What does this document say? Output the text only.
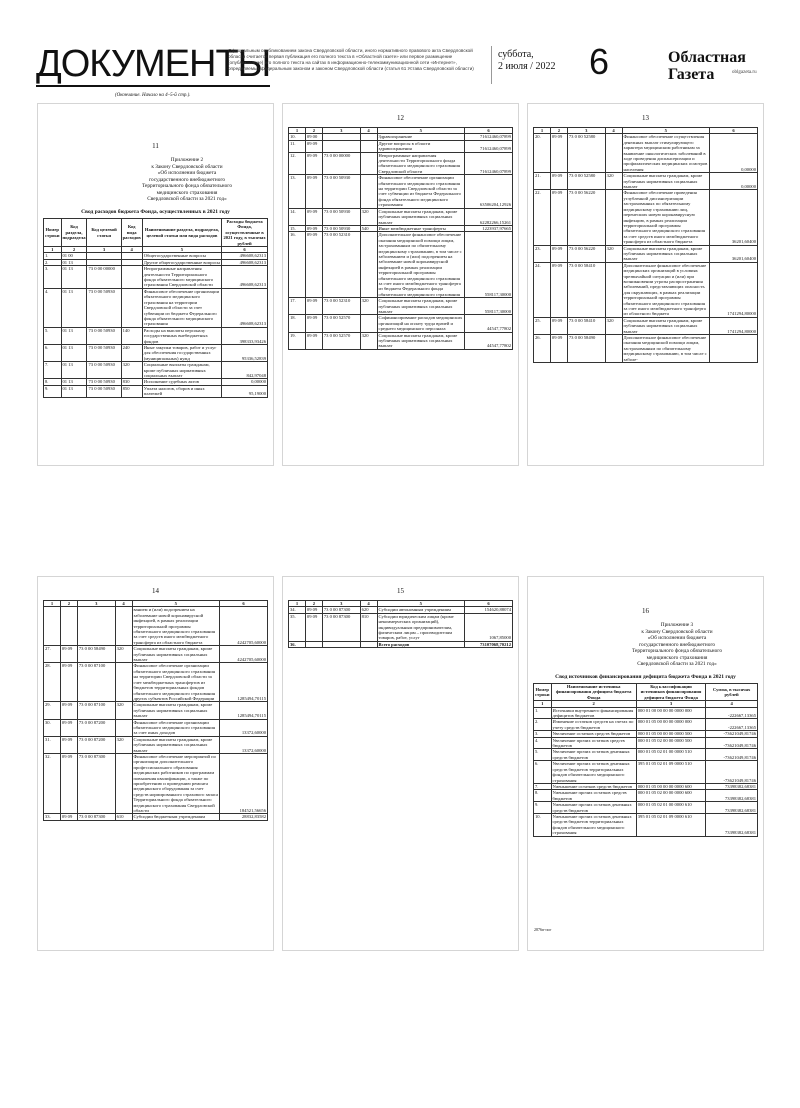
ДОКУМЕНТЫ
Официальным опубликованием закона Свердловской области, иного нормативного правового акта Свердловской области считается первая публикация его полного текста в «Областной газете» или первое размещение (опубликование) его полного текста на сайтах в информационно-телекоммуникационной сети «Интернет», определяемых федеральным законом и законом Свердловской области (статья 61 Устава Свердловской области)
суббота,
2 июля / 2022 6	Областная
Газета	oblgazeta.ru
(Окончание. Начало на 4–5-й стр.).
11
Приложение 2
к Закону Свердловской области
«Об исполнении бюджета
государственного внебюджетного
Территориального фонда обязательного
медицинского страхования
Свердловской области за 2021 год»
Свод расходов бюджета Фонда, осуществленных в 2021 году
Номер строки	Код раздела, подраздела	Код целевой статьи	Код вида расходов	Наименование раздела, подраздела, целевой статьи или вида расходов	Расходы бюджета Фонда, осуществленные в 2021 году, в тысячах рублей
1	2	3	4	5	6
1.	01 00			Общегосударственные вопросы	496608,62313
2.	01 13			Другие общегосударственные вопросы	496608,62313
3.	01 13	73 0 00 00000		Непрограммные направления деятельности Территориального фонда обязательного медицинского страхования Свердловской области	496608,62313
4.	01 13	73 0 00 50930		Финансовое обеспечение организации обязательного медицинского страхования на территории Свердловской области за счет субвенции из бюджета Федерального фонда обязательного медицинского страхования	496608,62313
5.	01 13	73 0 00 50930	140	Расходы на выплаты персоналу государственных внебюджетных фондов	398333,93426
6.	01 13	73 0 00 50930	240	Иные закупки товаров, работ и услуг для обеспечения государственных (муниципальных) нужд	95336,52839
7.	01 13	73 0 00 50930	320	Социальные выплаты гражданам, кроме публичных нормативных социальных выплат	842,97048
8.	01 13	73 0 00 50930	830	Исполнение судебных актов	0,00000
9.	01 13	73 0 00 50930	850	Уплата налогов, сборов и иных платежей	95,19000
12
1	2	3	4	5	6
10.	09 00			Здравоохранение	71612460,07899
11.	09 09			Другие вопросы в области здравоохранения	71612460,07899
12.	09 09	73 0 00 00000		Непрограммные направления деятельности Территориального фонда обязательного медицинского страхования Свердловской области	71612460,07899
13.	09 09	73 0 00 50930		Финансовое обеспечение организации обязательного медицинского страхования на территории Свердловской области за счет субвенции из бюджета Федерального фонда обязательного медицинского страхования	63506204,12926
14.	09 09	73 0 00 50930	320	Социальные выплаты гражданам, кроме публичных нормативных социальных выплат	62282266,15261
15.	09 09	73 0 00 50930	540	Иные межбюджетные трансферты	1223937,97665
16.	09 09	73 0 00 52310		Дополнительное финансовое обеспечение оказания медицинской помощи лицам, застрахованным по обязательному медицинскому страхованию, в том числе с заболеванием и (или) подозрением на заболевание новой коронавирусной инфекцией в рамках реализации территориальной программы обязательного медицинского страхования за счет иного межбюджетного трансферта из бюджета Федерального фонда обязательного медицинского страхования	558117,30000
17.	09 09	73 0 00 52310	320	Социальные выплаты гражданам, кроме публичных нормативных социальных выплат	558117,30000
18.	09 09	73 0 00 52570		Софинансирование расходов медицинских организаций на оплату труда врачей и среднего медицинского персонала	44547,77802
19.	09 09	73 0 00 52570	320	Социальные выплаты гражданам, кроме публичных нормативных социальных выплат	44547,77802
13
1	2	3	4	5	6
20.	09 09	73 0 00 52580		Финансовое обеспечение осуществления денежных выплат стимулирующего характера медицинским работникам за выявление онкологических заболеваний в ходе проведения диспансеризации и профилактических медицинских осмотров населения	0,00000
21.	09 09	73 0 00 52580	320	Социальные выплаты гражданам, кроме публичных нормативных социальных выплат	0,00000
22.	09 09	73 0 00 56220		Финансовое обеспечение проведения углубленной диспансеризации застрахованных по обязательному медицинскому страхованию лиц, перенесших новую коронавирусную инфекцию, в рамках реализации территориальной программы обязательного медицинского страхования за счет средств иного межбюджетного трансферта из областного бюджета	36201,60400
23.	09 09	73 0 00 56220	320	Социальные выплаты гражданам, кроме публичных нормативных социальных выплат	36201,60400
24.	09 09	73 0 00 58410		Дополнительное финансовое обеспечение медицинских организаций в условиях чрезвычайной ситуации и (или) при возникновении угрозы распространения заболеваний, представляющих опасность для окружающих, в рамках реализации территориальной программы обязательного медицинского страхования за счет иного межбюджетного трансферта из областного бюджета	1741294,80000
25.	09 09	73 0 00 58410	320	Социальные выплаты гражданам, кроме публичных нормативных социальных выплат	1741294,80000
26.	09 09	73 0 00 58490		Дополнительное финансовое обеспечение оказания медицинской помощи лицам, застрахованным по обязательному медицинскому страхованию, в том числе с заболе-	
14
1	2	3	4	5	6
				ванием и (или) подозрением на заболевание новой коронавирусной инфекцией, в рамках реализации территориальной программы обязательного медицинского страхования за счет средств иного межбюджетного трансферта из областного бюджета	4242705,60000
27.	09 09	73 0 00 58490	320	Социальные выплаты гражданам, кроме публичных нормативных социальных выплат	4242705,60000
28.	09 09	73 0 00 87100		Финансовое обеспечение организации обязательного медицинского страхования на территории Свердловской области за счет межбюджетных трансфертов из бюджетов территориальных фондов обязательного медицинского страхования других субъектов Российской Федерации	1285494,70115
29.	09 09	73 0 00 87100	320	Социальные выплаты гражданам, кроме публичных нормативных социальных выплат	1285494,70115
30.	09 09	73 0 00 87200		Финансовое обеспечение организации обязательного медицинского страхования за счет иных доходов	13372,60000
31.	09 09	73 0 00 87200	320	Социальные выплаты гражданам, кроме публичных нормативных социальных выплат	13372,60000
32.	09 09	73 0 00 87300		Финансовое обеспечение мероприятий по организации дополнительного профессионального образования медицинских работников по программам повышения квалификации, а также по приобретению и проведению ремонта медицинского оборудования за счет средств нормированного страхового запаса Территориального фонда обязательного медицинского страхования Свердловской области	184521,56656
33.	09 09	73 0 00 87300	610	Субсидии бюджетным учреждениям	28832,83582
15
1	2	3	4	5	6
34.	09 09	73 0 00 87300	620	Субсидии автономным учреждениям	154620,88074
35.	09 09	73 0 00 87300	810	Субсидии юридическим лицам (кроме некоммерческих организаций), индивидуальным предпринимателям, физическим лицам – производителям товаров, работ, услуг	1067,85000
36.				Всего расходов	73107068,70212
16
Приложение 3
к Закону Свердловской области
«Об исполнении бюджета
государственного внебюджетного
Территориального фонда обязательного
медицинского страхования
Свердловской области за 2021 год»
Свод источников финансирования дефицита бюджета Фонда в 2021 году
Номер строки	Наименование источника финансирования дефицита бюджета Фонда	Код классификации источников финансирования дефицита бюджета Фонда	Сумма, в тысячах рублей
1	2	3	4
1.	Источники внутреннего финансирования дефицитов бюджетов	000 01 00 00 00 00 0000 000	-222667,13365
2.	Изменение остатков средств на счетах по учету средств бюджетов	000 01 05 00 00 00 0000 000	-222667,13365
3.	Увеличение остатков средств бюджетов	000 01 05 00 00 00 0000 500	-73621049,81746
4.	Увеличение прочих остатков средств бюджетов	000 01 05 02 00 00 0000 500	-73621049,81746
5.	Увеличение прочих остатков денежных средств бюджетов	000 01 05 02 01 00 0000 510	-73621049,81746
6.	Увеличение прочих остатков денежных средств бюджетов территориальных фондов обязательного медицинского страхования	395 01 05 02 01 09 0000 510	-73621049,81746
7.	Уменьшение остатков средств бюджетов	000 01 05 00 00 00 0000 600	73398382,68381
8.	Уменьшение прочих остатков средств бюджетов	000 01 05 02 00 00 0000 600	73398382,68381
9.	Уменьшение прочих остатков денежных средств бюджетов	000 01 05 02 01 00 0000 610	73398382,68381
10.	Уменьшение прочих остатков денежных средств бюджетов территориальных фондов обязательного медицинского страхования	395 01 05 02 01 09 0000 610	73398382,68381
2876п-пог
